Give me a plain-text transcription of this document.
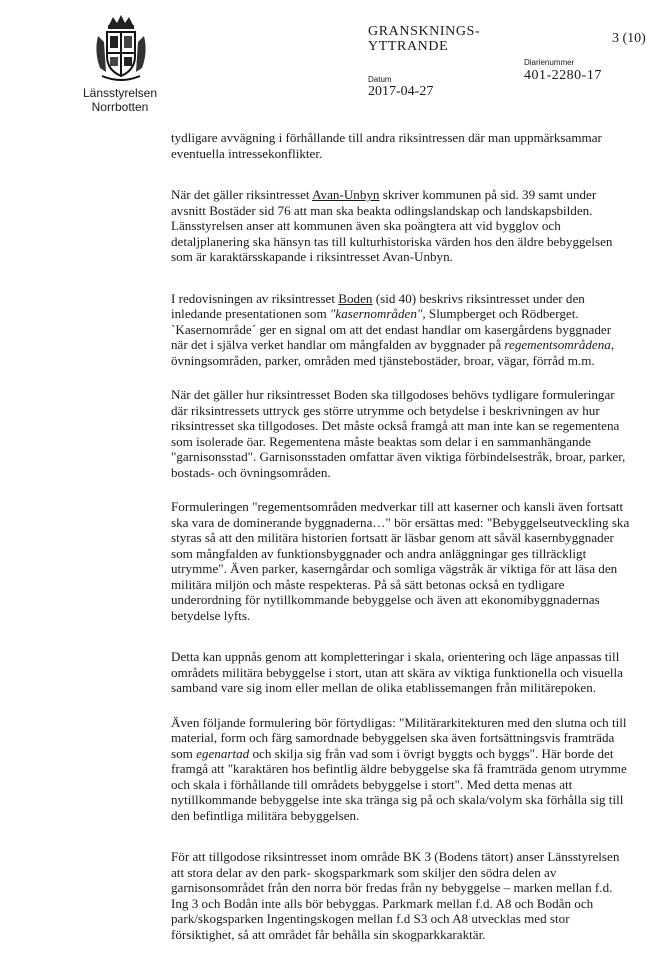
Länsstyrelsen
Norrbotten
GRANSKNINGS-
YTTRANDE
Datum
2017-04-27
3 (10)
Diarienummer
401-2280-17

tydligare avvägning i förhållande till andra riksintressen där man uppmärksammar eventuella intressekonflikter.

När det gäller riksintresset Avan-Unbyn skriver kommunen på sid. 39 samt under avsnitt Bostäder sid 76 att man ska beakta odlingslandskap och landskapsbilden. Länsstyrelsen anser att kommunen även ska poängtera att vid bygglov och detaljplanering ska hänsyn tas till kulturhistoriska värden hos den äldre bebyggelsen som är karaktärsskapande i riksintresset Avan-Unbyn.

I redovisningen av riksintresset Boden (sid 40) beskrivs riksintresset under den inledande presentationen som "kasernområden", Slumpberget och Rödberget. `Kasernområde´ ger en signal om att det endast handlar om kasergårdens byggnader när det i själva verket handlar om mångfalden av byggnader på regementsområdena, övningsområden, parker, områden med tjänstebostäder, broar, vägar, förråd m.m.

När det gäller hur riksintresset Boden ska tillgodoses behövs tydligare formuleringar där riksintressets uttryck ges större utrymme och betydelse i beskrivningen av hur riksintresset ska tillgodoses. Det måste också framgå att man inte kan se regementena som isolerade öar. Regementena måste beaktas som delar i en sammanhängande "garnisonsstad". Garnisonsstaden omfattar även viktiga förbindelsestråk, broar, parker, bostads- och övningsområden.

Formuleringen "regementsområden medverkar till att kaserner och kansli även fortsatt ska vara de dominerande byggnaderna…" bör ersättas med: "Bebyggelseutveckling ska styras så att den militära historien fortsatt är läsbar genom att såväl kasernbyggnader som mångfalden av funktionsbyggnader och andra anläggningar ges tillräckligt utrymme". Även parker, kaserngårdar och somliga vägstråk är viktiga för att läsa den militära miljön och måste respekteras. På så sätt betonas också en tydligare underordning för nytillkommande bebyggelse och även att ekonomibyggnadernas betydelse lyfts.

Detta kan uppnås genom att kompletteringar i skala, orientering och läge anpassas till områdets militära bebyggelse i stort, utan att skära av viktiga funktionella och visuella samband vare sig inom eller mellan de olika etablissemangen från militärepoken.

Även följande formulering bör förtydligas: "Militärarkitekturen med den slutna och till material, form och färg samordnade bebyggelsen ska även fortsättningsvis framträda som egenartad och skilja sig från vad som i övrigt byggts och byggs". Här borde det framgå att "karaktären hos befintlig äldre bebyggelse ska få framträda genom utrymme och skala i förhållande till områdets bebyggelse i stort". Med detta menas att nytillkommande bebyggelse inte ska tränga sig på och skala/volym ska förhålla sig till den befintliga militära bebyggelsen.

För att tillgodose riksintresset inom område BK 3 (Bodens tätort) anser Länsstyrelsen att stora delar av den park- skogsparkmark som skiljer den södra delen av garnisonsområdet från den norra bör fredas från ny bebyggelse – marken mellan f.d. Ing 3 och Bodån inte alls bör bebyggas. Parkmark mellan f.d. A8 och Bodån och park/skogsparken Ingentingskogen mellan f.d S3 och A8 utvecklas med stor försiktighet, så att området får behålla sin skogparkkaraktär.
